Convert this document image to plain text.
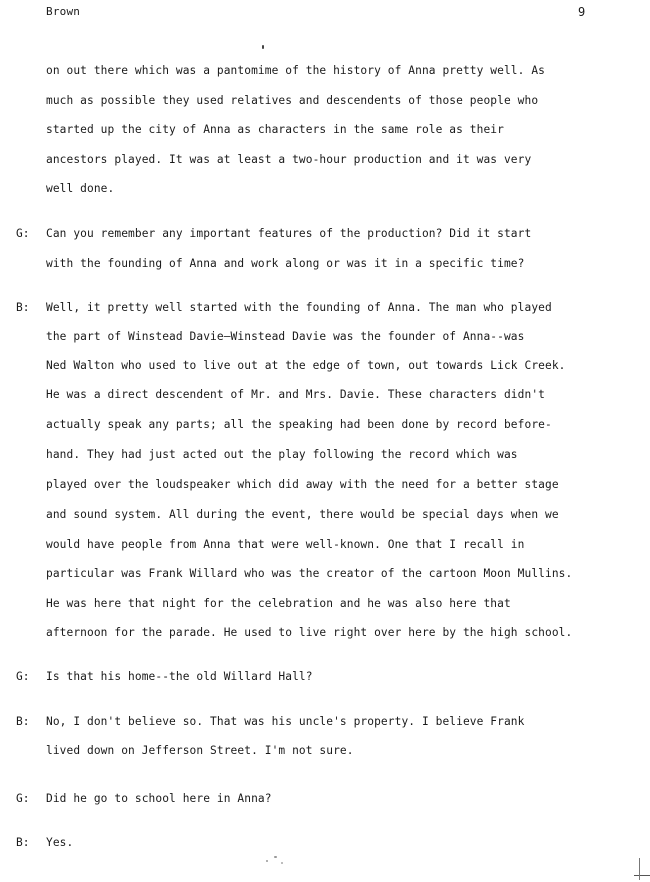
Brown	9
on out there which was a pantomime of the history of Anna pretty well. As
much as possible they used relatives and descendents of those people who
started up the city of Anna as characters in the same role as their
ancestors played. It was at least a two-hour production and it was very
well done.
G: Can you remember any important features of the production? Did it start
with the founding of Anna and work along or was it in a specific time?
B: Well, it pretty well started with the founding of Anna. The man who played
the part of Winstead Davie—Winstead Davie was the founder of Anna--was
Ned Walton who used to live out at the edge of town, out towards Lick Creek.
He was a direct descendent of Mr. and Mrs. Davie. These characters didn't
actually speak any parts; all the speaking had been done by record before-
hand. They had just acted out the play following the record which was
played over the loudspeaker which did away with the need for a better stage
and sound system. All during the event, there would be special days when we
would have people from Anna that were well-known. One that I recall in
particular was Frank Willard who was the creator of the cartoon Moon Mullins.
He was here that night for the celebration and he was also here that
afternoon for the parade. He used to live right over here by the high school.
G: Is that his home--the old Willard Hall?
B: No, I don't believe so. That was his uncle's property. I believe Frank
lived down on Jefferson Street. I'm not sure.
G: Did he go to school here in Anna?
B: Yes.
